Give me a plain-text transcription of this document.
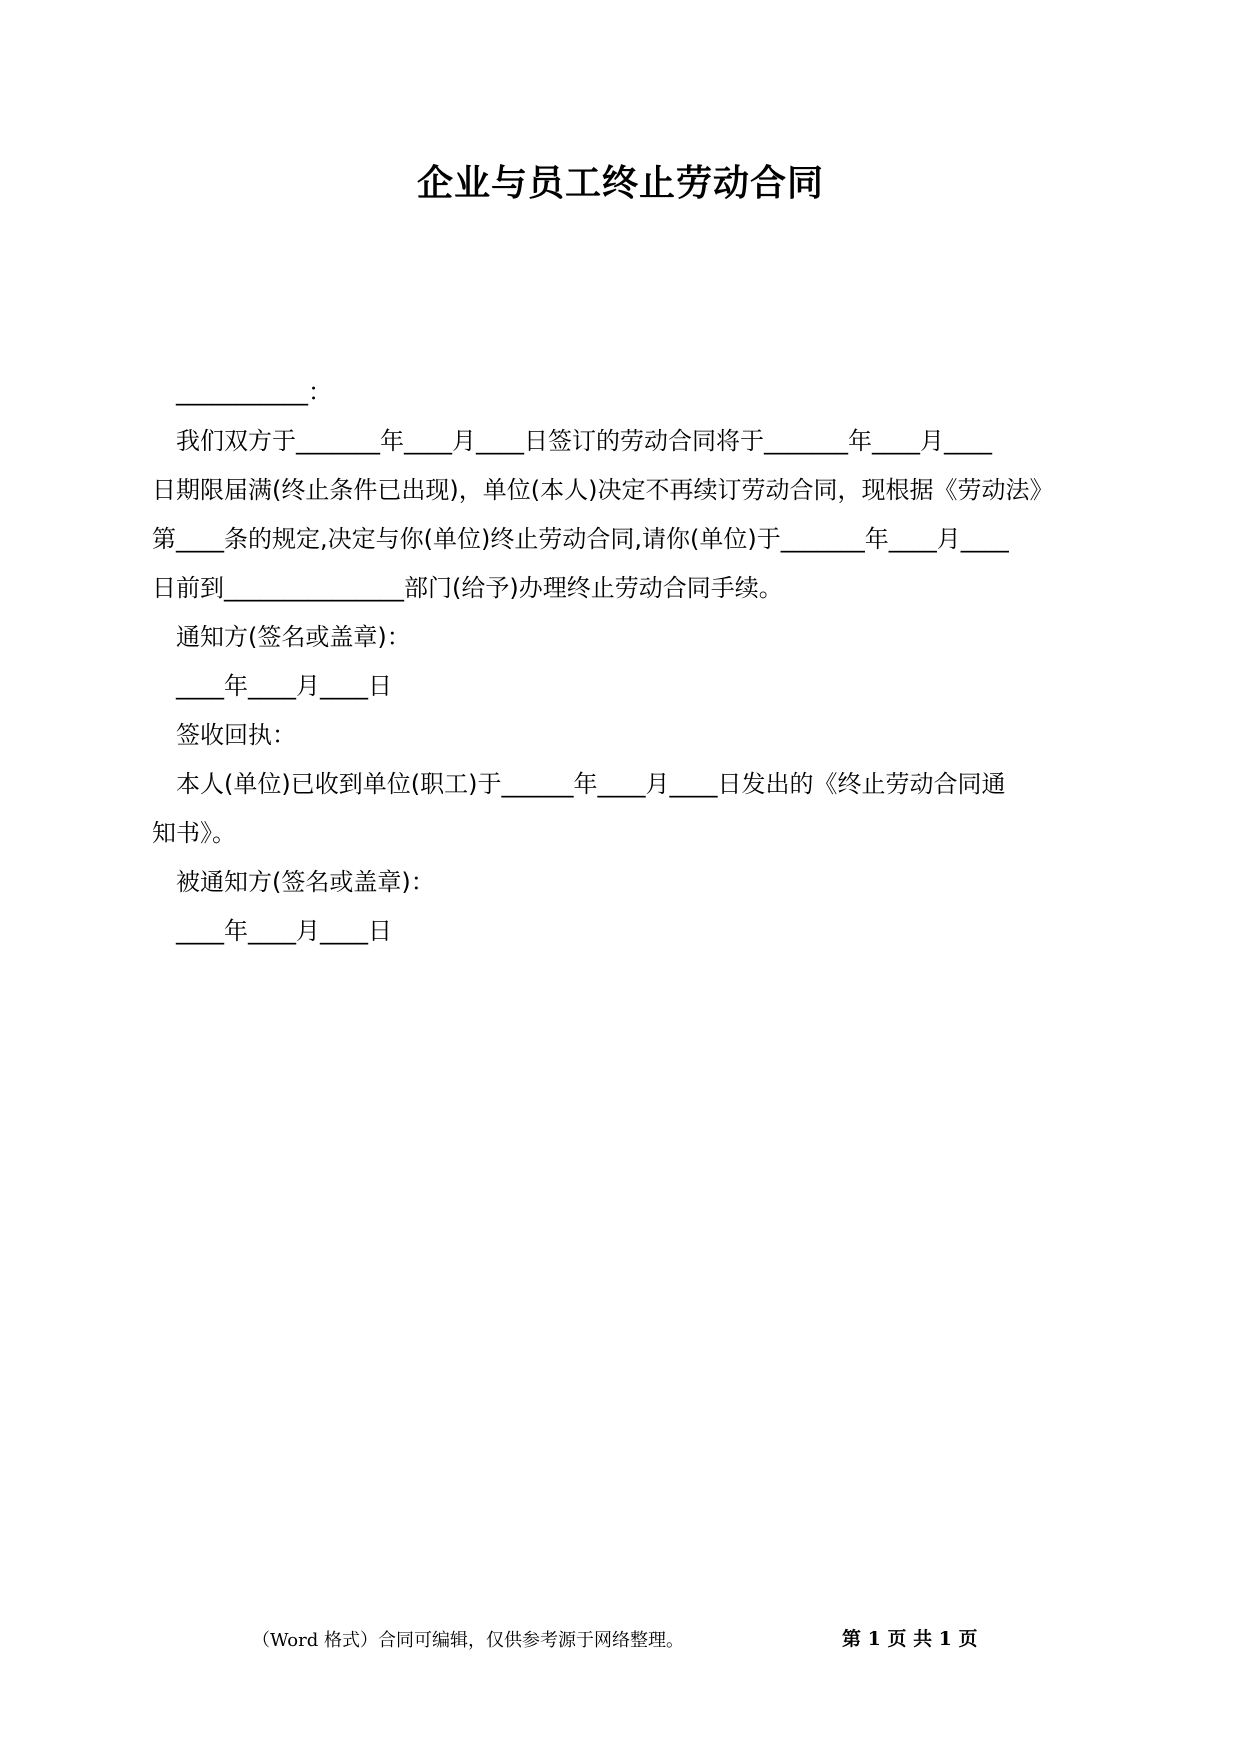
企业与员工终止劳动合同
___________：
我们双方于_______年____月____日签订的劳动合同将于_______年____月____
日期限届满(终止条件已出现)，单位(本人)决定不再续订劳动合同，现根据《劳动法》
第____条的规定,决定与你(单位)终止劳动合同,请你(单位)于_______年____月____
日前到_______________部门(给予)办理终止劳动合同手续。
通知方(签名或盖章)：
____年____月____日
签收回执：
本人(单位)已收到单位(职工)于______年____月____日发出的《终止劳动合同通
知书》。
被通知方(签名或盖章)：
____年____月____日
（Word 格式）合同可编辑，仅供参考源于网络整理。	第 1 页 共 1 页
